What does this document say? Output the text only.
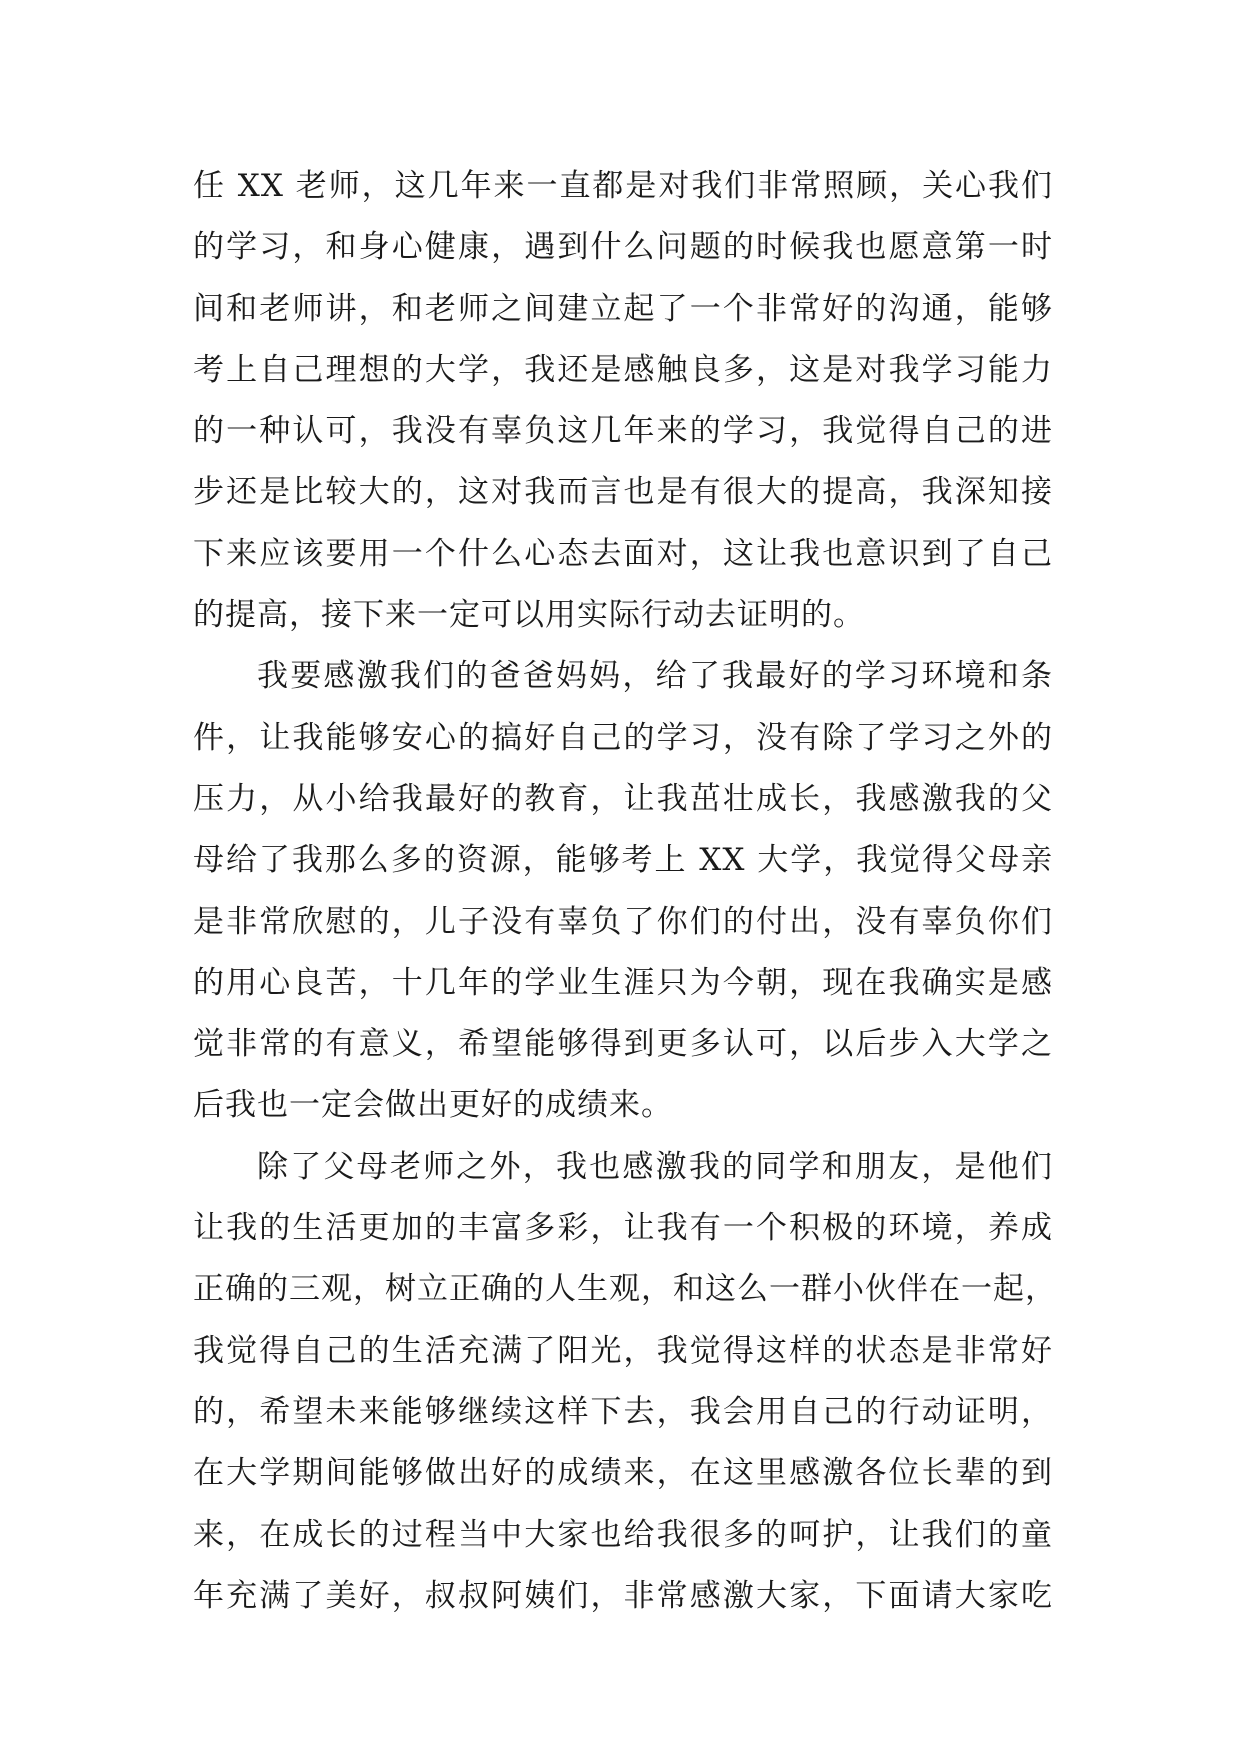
任 XX 老师，这几年来一直都是对我们非常照顾，关心我们
的学习，和身心健康，遇到什么问题的时候我也愿意第一时
间和老师讲，和老师之间建立起了一个非常好的沟通，能够
考上自己理想的大学，我还是感触良多，这是对我学习能力
的一种认可，我没有辜负这几年来的学习，我觉得自己的进
步还是比较大的，这对我而言也是有很大的提高，我深知接
下来应该要用一个什么心态去面对，这让我也意识到了自己
的提高，接下来一定可以用实际行动去证明的。
我要感激我们的爸爸妈妈，给了我最好的学习环境和条
件，让我能够安心的搞好自己的学习，没有除了学习之外的
压力，从小给我最好的教育，让我茁壮成长，我感激我的父
母给了我那么多的资源，能够考上 XX 大学，我觉得父母亲
是非常欣慰的，儿子没有辜负了你们的付出，没有辜负你们
的用心良苦，十几年的学业生涯只为今朝，现在我确实是感
觉非常的有意义，希望能够得到更多认可，以后步入大学之
后我也一定会做出更好的成绩来。
除了父母老师之外，我也感激我的同学和朋友，是他们
让我的生活更加的丰富多彩，让我有一个积极的环境，养成
正确的三观，树立正确的人生观，和这么一群小伙伴在一起，
我觉得自己的生活充满了阳光，我觉得这样的状态是非常好
的，希望未来能够继续这样下去，我会用自己的行动证明，
在大学期间能够做出好的成绩来，在这里感激各位长辈的到
来，在成长的过程当中大家也给我很多的呵护，让我们的童
年充满了美好，叔叔阿姨们，非常感激大家，下面请大家吃
